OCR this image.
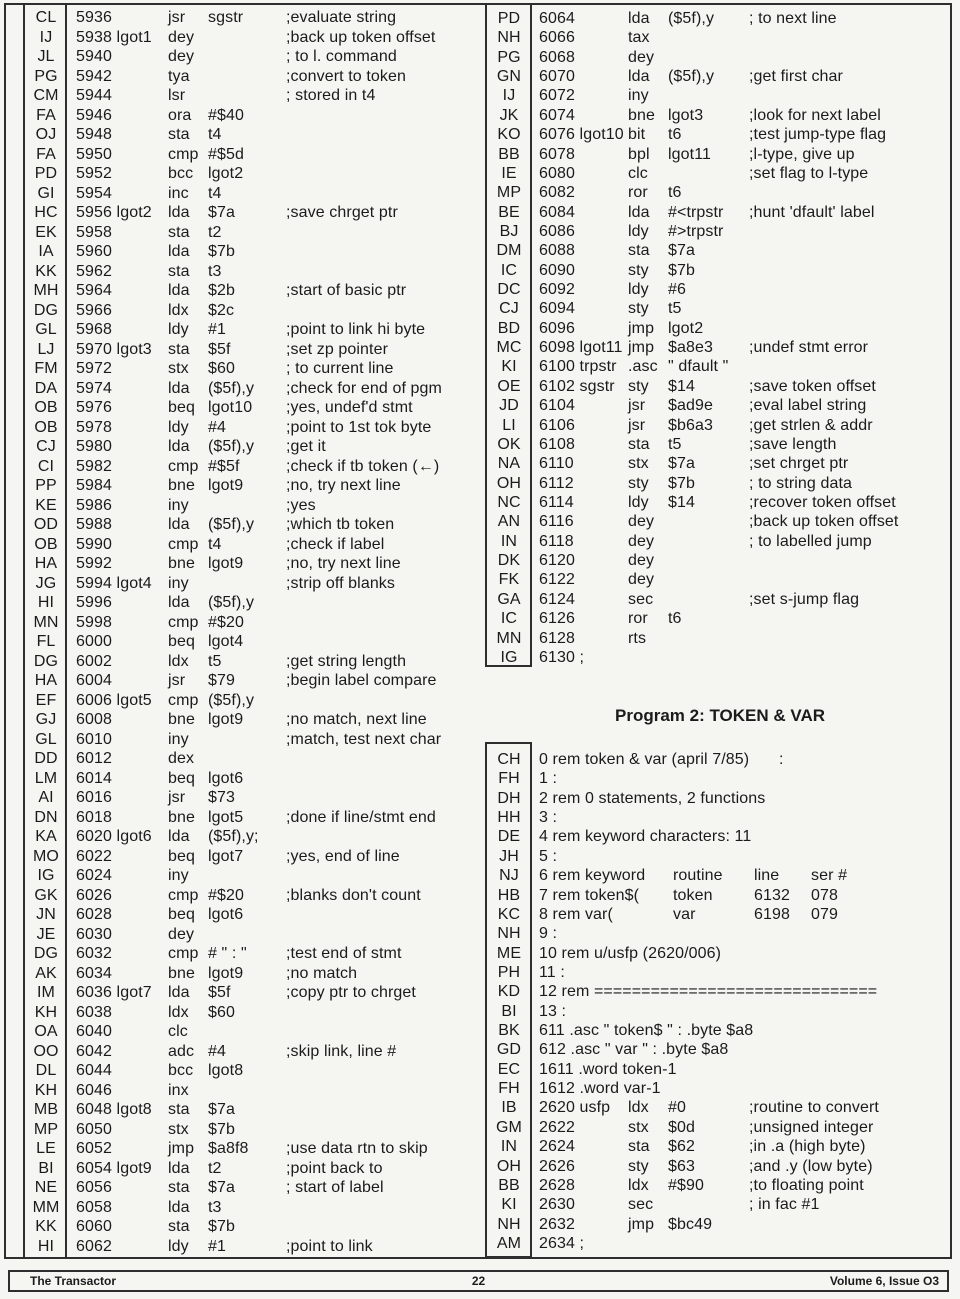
CL	5936	jsr	sgstr	;evaluate string
IJ	5938 lgot1	dey	;back up token offset
JL	5940	dey	; to l. command
PG	5942	tya	;convert to token
CM	5944	lsr	; stored in t4
FA	5946	ora	#$40
OJ	5948	sta	t4
FA	5950	cmp #$5d
PD	5952	bcc lgot2
GI	5954	inc	t4
HC	5956 lgot2	lda	$7a	;save chrget ptr
EK	5958	sta	t2
IA	5960	lda	$7b
KK	5962	sta	t3
MH	5964	lda	$2b	;start of basic ptr
DG	5966	ldx	$2c
GL	5968	ldy	#1	;point to link hi byte
LJ	5970 lgot3	sta	$5f	;set zp pointer
FM	5972	stx	$60	; to current line
DA	5974	lda	($5f),y	;check for end of pgm
OB	5976	beq lgot10	;yes, undef'd stmt
OB	5978	ldy	#4	;point to 1st tok byte
CJ	5980	lda	($5f),y	;get it
CI	5982	cmp #$5f	;check if tb token (←)
PP	5984	bne lgot9	;no, try next line
KE	5986	iny	;yes
OD	5988	lda	($5f),y	;which tb token
OB	5990	cmp t4	;check if label
HA	5992	bne lgot9	;no, try next line
JG	5994 lgot4	iny	;strip off blanks
HI	5996	lda	($5f),y
MN	5998	cmp #$20
FL	6000	beq lgot4
DG	6002	ldx	t5	;get string length
HA	6004	jsr	$79	;begin label compare
EF	6006 lgot5	cmp ($5f),y
GJ	6008	bne lgot9	;no match, next line
GL	6010	iny	;match, test next char
DD	6012	dex
LM	6014	beq lgot6
AI	6016	jsr	$73
DN	6018	bne lgot5	;done if line/stmt end
KA	6020 lgot6	lda	($5f),y;
MO	6022	beq lgot7	;yes, end of line
IG	6024	iny
GK	6026	cmp #$20	;blanks don't count
JN	6028	beq lgot6
JE	6030	dey
DG	6032	cmp # " : "	;test end of stmt
AK	6034	bne lgot9	;no match
IM	6036 lgot7	lda	$5f	;copy ptr to chrget
KH	6038	ldx	$60
OA	6040	clc
OO	6042	adc #4	;skip link, line #
DL	6044	bcc lgot8
KH	6046	inx
MB	6048 lgot8	sta	$7a
MP	6050	stx	$7b
LE	6052	jmp $a8f8	;use data rtn to skip
BI	6054 lgot9	lda	t2	;point back to
NE	6056	sta	$7a	; start of label
MM	6058	lda	t3
KK	6060	sta	$7b
HI	6062	ldy	#1	;point to link
PD	6064	lda	($5f),y	; to next line
NH	6066	tax
PG	6068	dey
GN	6070	lda	($5f),y	;get first char
IJ	6072	iny
JK	6074	bne lgot3	;look for next label
KO	6076 lgot10 bit	t6	;test jump-type flag
BB	6078	bpl	lgot11	;l-type, give up
IE	6080	clc	;set flag to l-type
MP	6082	ror	t6
BE	6084	lda	#<trpstr	;hunt 'dfault' label
BJ	6086	ldy	#>trpstr
DM	6088	sta	$7a
IC	6090	sty	$7b
DC	6092	ldy	#6
CJ	6094	sty	t5
BD	6096	jmp lgot2
MC	6098 lgot11 jmp $a8e3	;undef stmt error
KI	6100 trpstr .asc " dfault "
OE	6102 sgstr sty	$14	;save token offset
JD	6104	jsr	$ad9e	;eval label string
LI	6106	jsr	$b6a3	;get strlen & addr
OK	6108	sta	t5	;save length
NA	6110	stx	$7a	;set chrget ptr
OH	6112	sty	$7b	; to string data
NC	6114	ldy	$14	;recover token offset
AN	6116	dey	;back up token offset
IN	6118	dey	; to labelled jump
DK	6120	dey
FK	6122	dey
GA	6124	sec	;set s-jump flag
IC	6126	ror	t6
MN	6128	rts
IG	6130 ;
Program 2: TOKEN & VAR
CH	0 rem token & var (april 7/85)	:
FH	1 :
DH	2 rem 0 statements, 2 functions
HH	3 :
DE	4 rem keyword characters: 11
JH	5 :
NJ	6 rem keyword	routine	line	ser #
HB	7 rem token$(	token	6132	078
KC	8 rem var(	var	6198	079
NH	9 :
ME	10 rem u/usfp (2620/006)
PH	11 :
KD	12 rem ==============================
BI	13 :
BK	611 .asc " token$ " : .byte $a8
GD	612 .asc " var " : .byte $a8
EC	1611 .word token-1
FH	1612 .word var-1
IB	2620 usfp	ldx	#0	;routine to convert
GM	2622	stx	$0d	;unsigned integer
IN	2624	sta	$62	;in .a (high byte)
OH	2626	sty	$63	;and .y (low byte)
BB	2628	ldx	#$90	;to floating point
KI	2630	sec	; in fac #1
NH	2632	jmp $bc49
AM	2634 ;
The Transactor	22	Volume 6, Issue O3
